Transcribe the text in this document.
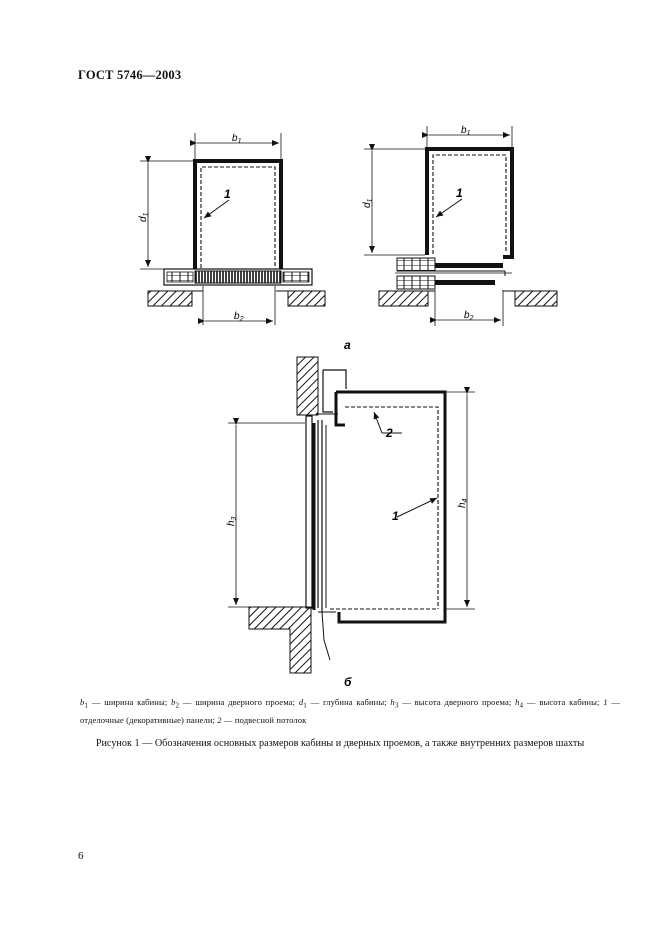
ГОСТ 5746—2003
$b_1$
$b_1$
$b_2$	$b_2$
$d_1$
$d_1$
$h_3$
$h_4$
1	1
1
2
а
б
$b_1$ — ширина кабины; $b_2$ — ширина дверного проема; $d_1$ — глубина кабины; $h_3$ — высота дверного проема; $h_4$ — высота кабины; 1 — отделочные (декоративные) панели; 2 — подвесной потолок
Рисунок 1 — Обозначения основных размеров кабины и дверных проемов, а также внутренних размеров шахты
6
